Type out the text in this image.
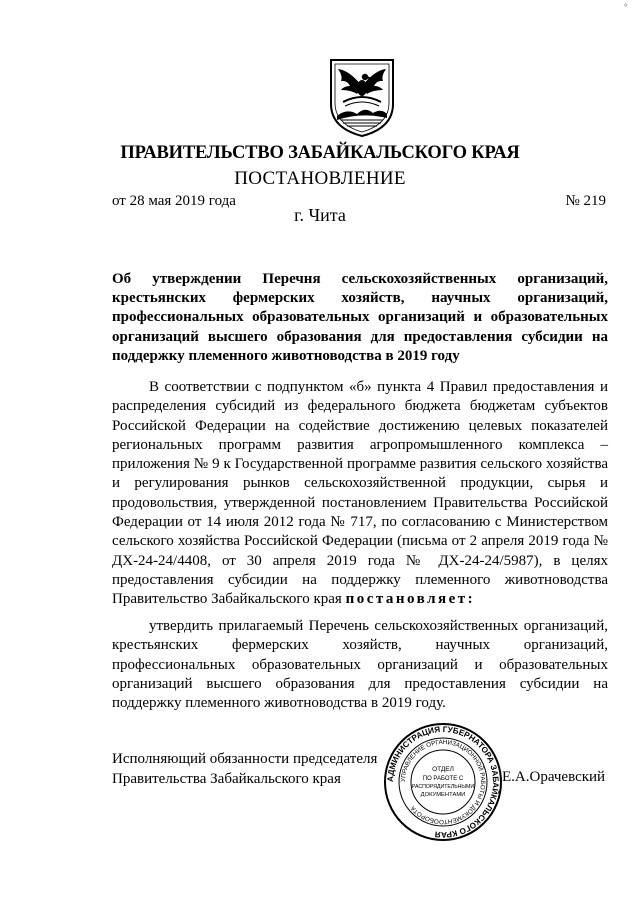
°
ПРАВИТЕЛЬСТВО ЗАБАЙКАЛЬСКОГО КРАЯ
ПОСТАНОВЛЕНИЕ
от 28 мая 2019 года	№ 219
г. Чита
Об утверждении Перечня сельскохозяйственных организаций, крестьянских фермерских хозяйств, научных организаций, профессиональных образовательных организаций и образовательных организаций высшего образования для предоставления субсидии на поддержку племенного животноводства в 2019 году
В соответствии с подпунктом «б» пункта 4 Правил предоставления и распределения субсидий из федерального бюджета бюджетам субъектов Российской Федерации на содействие достижению целевых показателей региональных программ развития агропромышленного комплекса – приложения № 9 к Государственной программе развития сельского хозяйства и регулирования рынков сельскохозяйственной продукции, сырья и продовольствия, утвержденной постановлением Правительства Российской Федерации от 14 июля 2012 года № 717, по согласованию с Министерством сельского хозяйства Российской Федерации (письма от 2 апреля 2019 года № ДХ-24-24/4408, от 30 апреля 2019 года № ДХ-24-24/5987), в целях предоставления субсидии на поддержку племенного животноводства Правительство Забайкальского края постановляет:
утвердить прилагаемый Перечень сельскохозяйственных организаций, крестьянских фермерских хозяйств, научных организаций, профессиональных образовательных организаций и образовательных организаций высшего образования для предоставления субсидии на поддержку племенного животноводства в 2019 году.
Исполняющий обязанности председателя
Правительства Забайкальского края	АДМИНИСТРАЦИЯ ГУБЕРНАТОРА ЗАБАЙКАЛЬСКОГО КРАЯ
УПРАВЛЕНИЕ ОРГАНИЗАЦИОННОЙ РАБОТЫ И ДОКУМЕНТООБОРОТА
ОТДЕЛ
ПО РАБОТЕ С
РАСПОРЯДИТЕЛЬНЫМИ
ДОКУМЕНТАМИ
Е.А.Орачевский
